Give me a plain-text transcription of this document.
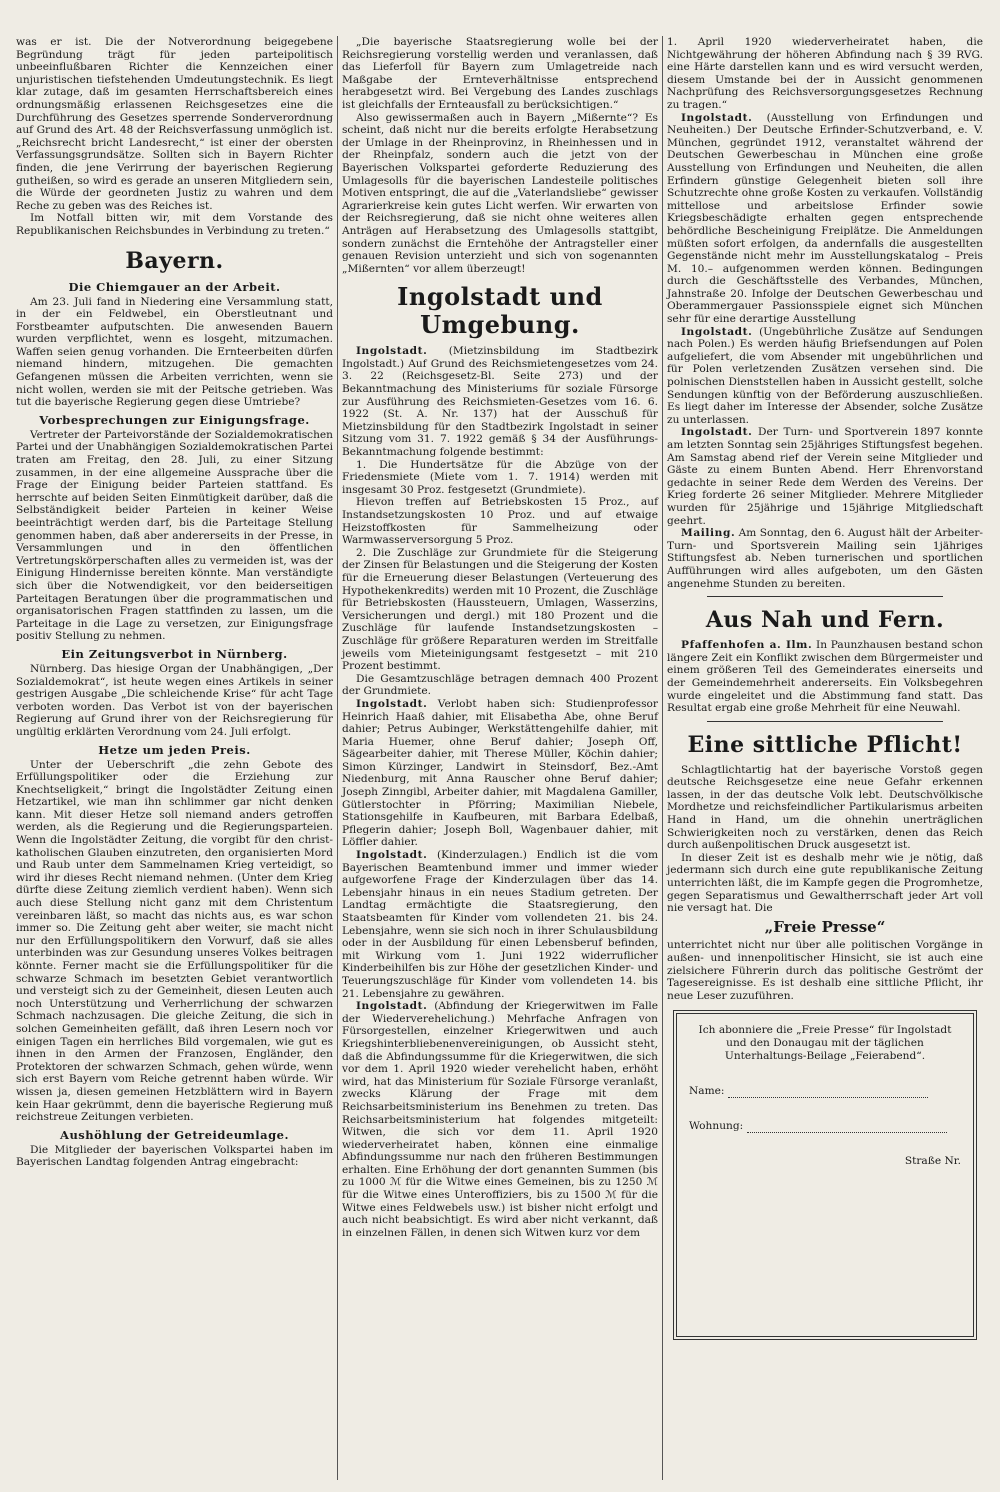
was er ist. Die der Notverordnung beigegebene Begründung trägt für jeden parteipolitisch unbeeinflußbaren Richter die Kennzeichen einer unjuristischen tiefstehenden Umdeutungstechnik. Es liegt klar zutage, daß im gesamten Herrschaftsbereich eines ordnungsmäßig erlassenen Reichsgesetzes eine die Durchführung des Gesetzes sperrende Sonderverordnung auf Grund des Art. 48 der Reichsverfassung unmöglich ist. „Reichsrecht bricht Landesrecht,“ ist einer der obersten Verfassungsgrundsätze. Sollten sich in Bayern Richter finden, die jene Verirrung der bayerischen Regierung gutheißen, so wird es gerade an unseren Mitgliedern sein, die Würde der geordneten Justiz zu wahren und dem Reche zu geben was des Reiches ist.

Im Notfall bitten wir, mit dem Vorstande des Republikanischen Reichsbundes in Verbindung zu treten.“

Bayern.
Die Chiemgauer an der Arbeit.

Am 23. Juli fand in Niedering eine Versammlung statt, in der ein Feldwebel, ein Oberstleutnant und Forstbeamter aufputschten. Die anwesenden Bauern wurden verpflichtet, wenn es losgeht, mitzumachen. Waffen seien genug vorhanden. Die Ernteerbeiten dürfen niemand hindern, mitzugehen. Die gemachten Gefangenen müssen die Arbeiten verrichten, wenn sie nicht wollen, werden sie mit der Peitsche getrieben. Was tut die bayerische Regierung gegen diese Umtriebe?

Vorbesprechungen zur Einigungsfrage.

Vertreter der Parteivorstände der Sozialdemokratischen Partei und der Unabhängigen Sozialdemokratischen Partei traten am Freitag, den 28. Juli, zu einer Sitzung zusammen, in der eine allgemeine Aussprache über die Frage der Einigung beider Parteien stattfand. Es herrschte auf beiden Seiten Einmütigkeit darüber, daß die Selbständigkeit beider Parteien in keiner Weise beeinträchtigt werden darf, bis die Parteitage Stellung genommen haben, daß aber andererseits in der Presse, in Versammlungen und in den öffentlichen Vertretungskörperschaften alles zu vermeiden ist, was der Einigung Hindernisse bereiten könnte. Man verständigte sich über die Notwendigkeit, vor den beiderseitigen Parteitagen Beratungen über die programmatischen und organisatorischen Fragen stattfinden zu lassen, um die Parteitage in die Lage zu versetzen, zur Einigungsfrage positiv Stellung zu nehmen.

Ein Zeitungsverbot in Nürnberg.

Nürnberg. Das hiesige Organ der Unabhängigen, „Der Sozialdemokrat“, ist heute wegen eines Artikels in seiner gestrigen Ausgabe „Die schleichende Krise“ für acht Tage verboten worden. Das Verbot ist von der bayerischen Regierung auf Grund ihrer von der Reichsregierung für ungültig erklärten Verordnung vom 24. Juli erfolgt.

Hetze um jeden Preis.

Unter der Ueberschrift „die zehn Gebote des Erfüllungspolitiker oder die Erziehung zur Knechtseligkeit,“ bringt die Ingolstädter Zeitung einen Hetzartikel, wie man ihn schlimmer gar nicht denken kann. Mit dieser Hetze soll niemand anders getroffen werden, als die Regierung und die Regierungsparteien. Wenn die Ingolstädter Zeitung, die vorgibt für den christ-katholischen Glauben einzutreten, den organisierten Mord und Raub unter dem Sammelnamen Krieg verteidigt, so wird ihr dieses Recht niemand nehmen. (Unter dem Krieg dürfte diese Zeitung ziemlich verdient haben). Wenn sich auch diese Stellung nicht ganz mit dem Christentum vereinbaren läßt, so macht das nichts aus, es war schon immer so. Die Zeitung geht aber weiter, sie macht nicht nur den Erfüllungspolitikern den Vorwurf, daß sie alles unterbinden was zur Gesundung unseres Volkes beitragen könnte. Ferner macht sie die Erfüllungspolitiker für die schwarze Schmach im besetzten Gebiet verantwortlich und versteigt sich zu der Gemeinheit, diesen Leuten auch noch Unterstützung und Verherrlichung der schwarzen Schmach nachzusagen. Die gleiche Zeitung, die sich in solchen Gemeinheiten gefällt, daß ihren Lesern noch vor einigen Tagen ein herrliches Bild vorgemalen, wie gut es ihnen in den Armen der Franzosen, Engländer, den Protektoren der schwarzen Schmach, gehen würde, wenn sich erst Bayern vom Reiche getrennt haben würde. Wir wissen ja, diesen gemeinen Hetzblättern wird in Bayern kein Haar gekrümmt, denn die bayerische Regierung muß reichstreue Zeitungen verbieten.

Aushöhlung der Getreideumlage.

Die Mitglieder der bayerischen Volkspartei haben im Bayerischen Landtag folgenden Antrag eingebracht:

„Die bayerische Staatsregierung wolle bei der Reichsregierung vorstellig werden und veranlassen, daß das Lieferfoll für Bayern zum Umlagetreide nach Maßgabe der Ernteverhältnisse entsprechend herabgesetzt wird. Bei Vergebung des Landes zuschlags ist gleichfalls der Ernteausfall zu berücksichtigen.“

Also gewissermaßen auch in Bayern „Mißernte“? Es scheint, daß nicht nur die bereits erfolgte Herabsetzung der Umlage in der Rheinprovinz, in Rheinhessen und in der Rheinpfalz, sondern auch die jetzt von der Bayerischen Volkspartei geforderte Reduzierung des Umlagesolls für die bayerischen Landesteile politisches Motiven entspringt, die auf die „Vaterlandsliebe“ gewisser Agrarierkreise kein gutes Licht werfen. Wir erwarten von der Reichsregierung, daß sie nicht ohne weiteres allen Anträgen auf Herabsetzung des Umlagesolls stattgibt, sondern zunächst die Erntehöhe der Antragsteller einer genauen Revision unterzieht und sich von sogenannten „Mißernten“ vor allem überzeugt!

Ingolstadt und Umgebung.

Ingolstadt. (Mietzinsbildung im Stadtbezirk Ingolstadt.) Auf Grund des Reichsmietengesetzes vom 24. 3. 22 (Reichsgesetz-Bl. Seite 273) und der Bekanntmachung des Ministeriums für soziale Fürsorge zur Ausführung des Reichsmieten-Gesetzes vom 16. 6. 1922 (St. A. Nr. 137) hat der Ausschuß für Mietzinsbildung für den Stadtbezirk Ingolstadt in seiner Sitzung vom 31. 7. 1922 gemäß § 34 der Ausführungs-Bekanntmachung folgende bestimmt:

1. Die Hundertsätze für die Abzüge von der Friedensmiete (Miete vom 1. 7. 1914) werden mit insgesamt 30 Proz. festgesetzt (Grundmiete).

Hievon treffen auf Betriebskosten 15 Proz., auf Instandsetzungskosten 10 Proz. und auf etwaige Heizstoffkosten für Sammelheizung oder Warmwasserversorgung 5 Proz.

2. Die Zuschläge zur Grundmiete für die Steigerung der Zinsen für Belastungen und die Steigerung der Kosten für die Erneuerung dieser Belastungen (Verteuerung des Hypothekenkredits) werden mit 10 Prozent, die Zuschläge für Betriebskosten (Haussteuern, Umlagen, Wasserzins, Versicherungen und dergl.) mit 180 Prozent und die Zuschläge für laufende Instandsetzungskosten – Zuschläge für größere Reparaturen werden im Streitfalle jeweils vom Mieteinigungsamt festgesetzt – mit 210 Prozent bestimmt.

Die Gesamtzuschläge betragen demnach 400 Prozent der Grundmiete.

Ingolstadt. Verlobt haben sich: Studienprofessor Heinrich Haaß dahier, mit Elisabetha Abe, ohne Beruf dahier; Petrus Aubinger, Werkstättengehilfe dahier, mit Maria Huemer, ohne Beruf dahier; Joseph Off, Sägearbeiter dahier, mit Therese Müller, Köchin dahier; Simon Kürzinger, Landwirt in Steinsdorf, Bez.-Amt Niedenburg, mit Anna Rauscher ohne Beruf dahier; Joseph Zinngibl, Arbeiter dahier, mit Magdalena Gamiller, Gütlerstochter in Pförring; Maximilian Niebele, Stationsgehilfe in Kaufbeuren, mit Barbara Edelbaß, Pflegerin dahier; Joseph Boll, Wagenbauer dahier, mit Löffler dahier.

Ingolstadt. (Kinderzulagen.) Endlich ist die vom Bayerischen Beamtenbund immer und immer wieder aufgeworfene Frage der Kinderzulagen über das 14. Lebensjahr hinaus in ein neues Stadium getreten. Der Landtag ermächtigte die Staatsregierung, den Staatsbeamten für Kinder vom vollendeten 21. bis 24. Lebensjahre, wenn sie sich noch in ihrer Schulausbildung oder in der Ausbildung für einen Lebensberuf befinden, mit Wirkung vom 1. Juni 1922 widerruflicher Kinderbeihilfen bis zur Höhe der gesetzlichen Kinder- und Teuerungszuschläge für Kinder vom vollendeten 14. bis 21. Lebensjahre zu gewähren.

Ingolstadt. (Abfindung der Kriegerwitwen im Falle der Wiederverehelichung.) Mehrfache Anfragen von Fürsorgestellen, einzelner Kriegerwitwen und auch Kriegshinterbliebenenvereinigungen, ob Aussicht steht, daß die Abfindungssumme für die Kriegerwitwen, die sich vor dem 1. April 1920 wieder verehelicht haben, erhöht wird, hat das Ministerium für Soziale Fürsorge veranlaßt, zwecks Klärung der Frage mit dem Reichsarbeitsministerium ins Benehmen zu treten. Das Reichsarbeitsministerium hat folgendes mitgeteilt: Witwen, die sich vor dem 11. April 1920 wiederverheiratet haben, können eine einmalige Abfindungssumme nur nach den früheren Bestimmungen erhalten. Eine Erhöhung der dort genannten Summen (bis zu 1000 ℳ für die Witwe eines Gemeinen, bis zu 1250 ℳ für die Witwe eines Unteroffiziers, bis zu 1500 ℳ für die Witwe eines Feldwebels usw.) ist bisher nicht erfolgt und auch nicht beabsichtigt. Es wird aber nicht verkannt, daß in einzelnen Fällen, in denen sich Witwen kurz vor dem

1. April 1920 wiederverheiratet haben, die Nichtgewährung der höheren Abfindung nach § 39 RVG. eine Härte darstellen kann und es wird versucht werden, diesem Umstande bei der in Aussicht genommenen Nachprüfung des Reichsversorgungsgesetzes Rechnung zu tragen.“

Ingolstadt. (Ausstellung von Erfindungen und Neuheiten.) Der Deutsche Erfinder-Schutzverband, e. V. München, gegründet 1912, veranstaltet während der Deutschen Gewerbeschau in München eine große Ausstellung von Erfindungen und Neuheiten, die allen Erfindern günstige Gelegenheit bieten soll ihre Schutzrechte ohne große Kosten zu verkaufen. Vollständig mittellose und arbeitslose Erfinder sowie Kriegsbeschädigte erhalten gegen entsprechende behördliche Bescheinigung Freiplätze. Die Anmeldungen müßten sofort erfolgen, da andernfalls die ausgestellten Gegenstände nicht mehr im Ausstellungskatalog – Preis M. 10.– aufgenommen werden können. Bedingungen durch die Geschäftsstelle des Verbandes, München, Jahnstraße 20. Infolge der Deutschen Gewerbeschau und Oberammergauer Passionsspiele eignet sich München sehr für eine derartige Ausstellung

Ingolstadt. (Ungebührliche Zusätze auf Sendungen nach Polen.) Es werden häufig Briefsendungen auf Polen aufgeliefert, die vom Absender mit ungebührlichen und für Polen verletzenden Zusätzen versehen sind. Die polnischen Dienststellen haben in Aussicht gestellt, solche Sendungen künftig von der Beförderung auszuschließen. Es liegt daher im Interesse der Absender, solche Zusätze zu unterlassen.

Ingolstadt. Der Turn- und Sportverein 1897 konnte am letzten Sonntag sein 25jähriges Stiftungsfest begehen. Am Samstag abend rief der Verein seine Mitglieder und Gäste zu einem Bunten Abend. Herr Ehrenvorstand gedachte in seiner Rede dem Werden des Vereins. Der Krieg forderte 26 seiner Mitglieder. Mehrere Mitglieder wurden für 25jährige und 15jährige Mitgliedschaft geehrt.

Mailing. Am Sonntag, den 6. August hält der Arbeiter-Turn- und Sportsverein Mailing sein 1jähriges Stiftungsfest ab. Neben turnerischen und sportlichen Aufführungen wird alles aufgeboten, um den Gästen angenehme Stunden zu bereiten.

Aus Nah und Fern.

Pfaffenhofen a. Ilm. In Paunzhausen bestand schon längere Zeit ein Konflikt zwischen dem Bürgermeister und einem größeren Teil des Gemeinderates einerseits und der Gemeindemehrheit andererseits. Ein Volksbegehren wurde eingeleitet und die Abstimmung fand statt. Das Resultat ergab eine große Mehrheit für eine Neuwahl.

Eine sittliche Pflicht!

Schlagtlichtartig hat der bayerische Vorstoß gegen deutsche Reichsgesetze eine neue Gefahr erkennen lassen, in der das deutsche Volk lebt. Deutschvölkische Mordhetze und reichsfeindlicher Partikularismus arbeiten Hand in Hand, um die ohnehin unerträglichen Schwierigkeiten noch zu verstärken, denen das Reich durch außenpolitischen Druck ausgesetzt ist.

In dieser Zeit ist es deshalb mehr wie je nötig, daß jedermann sich durch eine gute republikanische Zeitung unterrichten läßt, die im Kampfe gegen die Progromhetze, gegen Separatismus und Gewaltherrschaft jeder Art voll nie versagt hat. Die

„Freie Presse“

unterrichtet nicht nur über alle politischen Vorgänge in außen- und innenpolitischer Hinsicht, sie ist auch eine zielsichere Führerin durch das politische Geströmt der Tagesereignisse. Es ist deshalb eine sittliche Pflicht, ihr neue Leser zuzuführen.

Ich abonniere die „Freie Presse“ für Ingolstadt und den Donaugau mit der täglichen Unterhaltungs-Beilage „Feierabend“.
Name:
Wohnung:
Straße Nr.
